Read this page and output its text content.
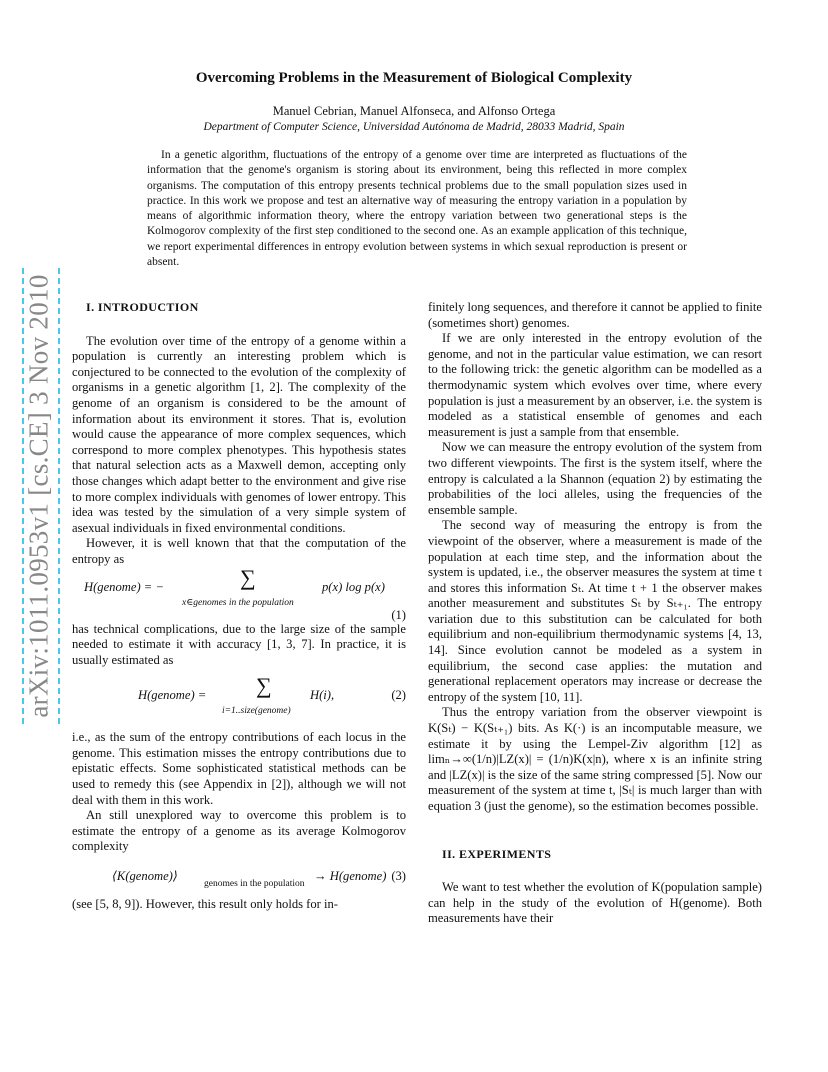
arXiv:1011.0953v1 [cs.CE] 3 Nov 2010
Overcoming Problems in the Measurement of Biological Complexity
Manuel Cebrian, Manuel Alfonseca, and Alfonso Ortega
Department of Computer Science, Universidad Autónoma de Madrid, 28033 Madrid, Spain

In a genetic algorithm, fluctuations of the entropy of a genome over time are interpreted as fluctuations of the information that the genome's organism is storing about its environment, being this reflected in more complex organisms. The computation of this entropy presents technical problems due to the small population sizes used in practice. In this work we propose and test an alternative way of measuring the entropy variation in a population by means of algorithmic information theory, where the entropy variation between two generational steps is the Kolmogorov complexity of the first step conditioned to the second one. As an example application of this technique, we report experimental differences in entropy evolution between systems in which sexual reproduction is present or absent.

I. INTRODUCTION

The evolution over time of the entropy of a genome within a population is currently an interesting problem which is conjectured to be connected to the evolution of the complexity of organisms in a genetic algorithm [1, 2]. The complexity of the genome of an organism is considered to be the amount of information about its environment it stores. That is, evolution would cause the appearance of more complex sequences, which correspond to more complex phenotypes. This hypothesis states that natural selection acts as a Maxwell demon, accepting only those changes which adapt better to the environment and give rise to more complex individuals with genomes of lower entropy. This idea was tested by the simulation of a very simple system of asexual individuals in fixed environmental conditions.

However, it is well known that that the computation of the entropy as

H(genome) = −	∑
x∈genomes in the population
p(x) log p(x)
(1)

has technical complications, due to the large size of the sample needed to estimate it with accuracy [1, 3, 7]. In practice, it is usually estimated as

H(genome) = ∑
i=1..size(genome)
H(i),	(2)

i.e., as the sum of the entropy contributions of each locus in the genome. This estimation misses the entropy contributions due to epistatic effects. Some sophisticated statistical methods can be used to remedy this (see Appendix in [2]), although we will not deal with them in this work.

An still unexplored way to overcome this problem is to estimate the entropy of a genome as its average Kolmogorov complexity

⟨K(genome)⟩
genomes in the population
→ H(genome) (3)

(see [5, 8, 9]). However, this result only holds for in-

finitely long sequences, and therefore it cannot be applied to finite (sometimes short) genomes.

If we are only interested in the entropy evolution of the genome, and not in the particular value estimation, we can resort to the following trick: the genetic algorithm can be modelled as a thermodynamic system which evolves over time, where every population is just a measurement by an observer, i.e. the system is modeled as a statistical ensemble of genomes and each measurement is just a sample from that ensemble.

Now we can measure the entropy evolution of the system from two different viewpoints. The first is the system itself, where the entropy is calculated a la Shannon (equation 2) by estimating the probabilities of the loci alleles, using the frequencies of the ensemble sample.

The second way of measuring the entropy is from the viewpoint of the observer, where a measurement is made of the population at each time step, and the information about the system is updated, i.e., the observer measures the system at time t and stores this information Sₜ. At time t + 1 the observer makes another measurement and substitutes Sₜ by Sₜ₊₁. The entropy variation due to this substitution can be calculated for both equilibrium and non-equilibrium thermodynamic systems [4, 13, 14]. Since evolution cannot be modeled as a system in equilibrium, the second case applies: the mutation and generational replacement operators may increase or decrease the entropy of the system [10, 11].

Thus the entropy variation from the observer viewpoint is K(Sₜ) − K(Sₜ₊₁) bits. As K(·) is an incomputable measure, we estimate it by using the Lempel-Ziv algorithm [12] as limₙ→∞(1/n)|LZ(x)| = (1/n)K(x|n), where x is an infinite string and |LZ(x)| is the size of the same string compressed [5]. Now our measurement of the system at time t, |Sₜ| is much larger than with equation 3 (just the genome), so the estimation becomes possible.

II. EXPERIMENTS

We want to test whether the evolution of K(population sample) can help in the study of the evolution of H(genome). Both measurements have their
